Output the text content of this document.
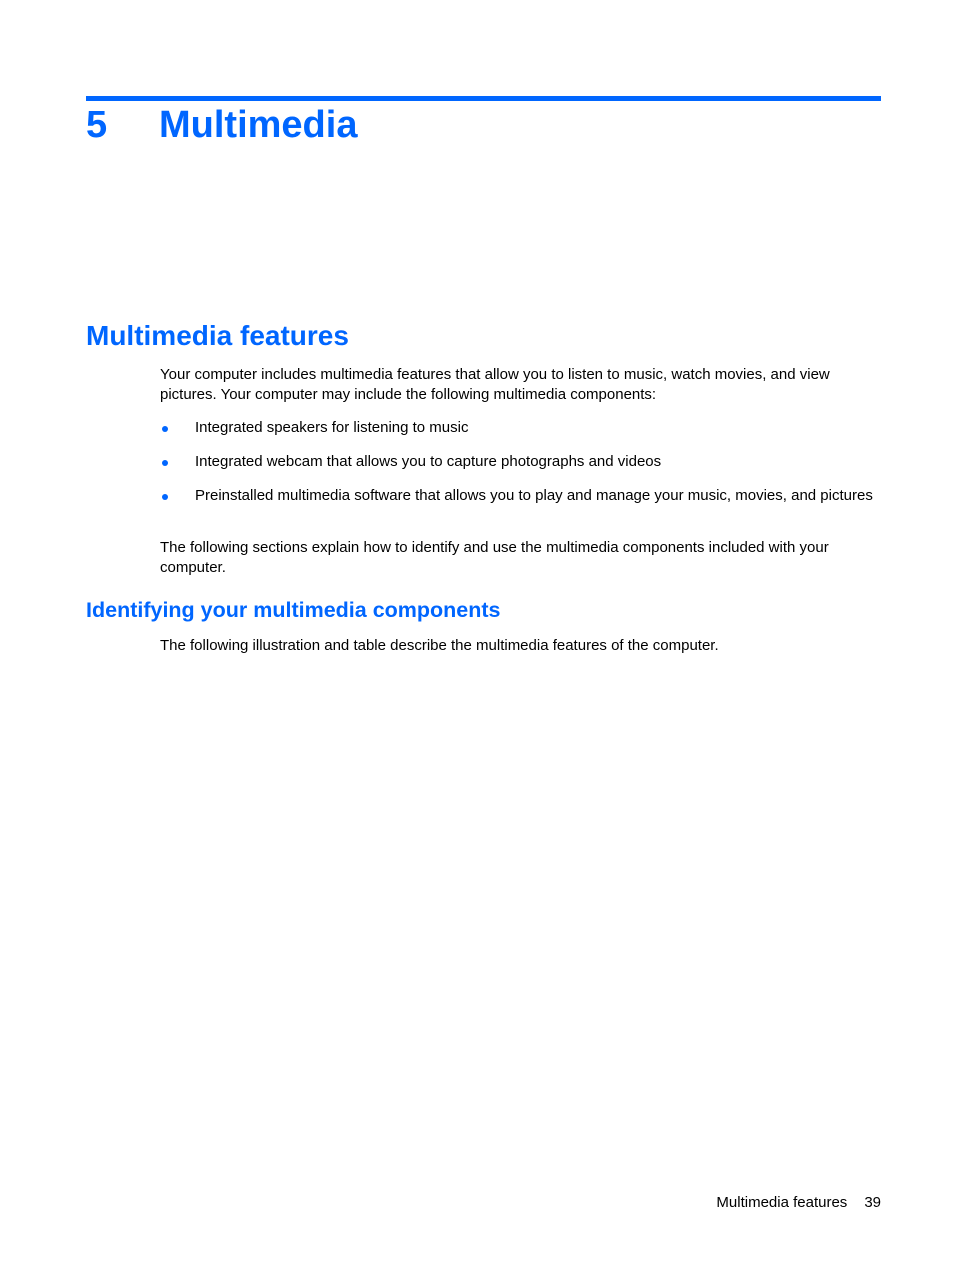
5 Multimedia
Multimedia features

Your computer includes multimedia features that allow you to listen to music, watch movies, and view pictures. Your computer may include the following multimedia components:

Integrated speakers for listening to music
Integrated webcam that allows you to capture photographs and videos
Preinstalled multimedia software that allows you to play and manage your music, movies, and pictures

The following sections explain how to identify and use the multimedia components included with your computer.

Identifying your multimedia components

The following illustration and table describe the multimedia features of the computer.

Multimedia features 39
